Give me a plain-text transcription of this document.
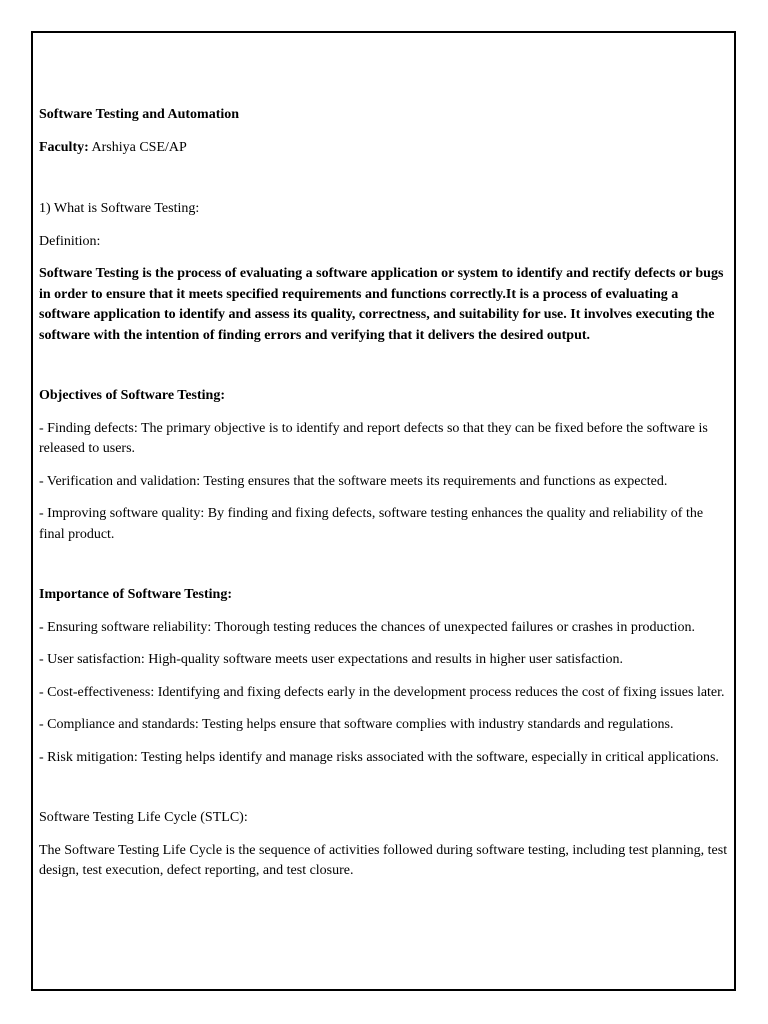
Software Testing and Automation

Faculty: Arshiya CSE/AP

1) What is Software Testing:

Definition:

Software Testing is the process of evaluating a software application or system to identify and rectify defects or bugs in order to ensure that it meets specified requirements and functions correctly.It is a process of evaluating a software application to identify and assess its quality, correctness, and suitability for use. It involves executing the software with the intention of finding errors and verifying that it delivers the desired output.

Objectives of Software Testing:

- Finding defects: The primary objective is to identify and report defects so that they can be fixed before the software is released to users.

- Verification and validation: Testing ensures that the software meets its requirements and functions as expected.

- Improving software quality: By finding and fixing defects, software testing enhances the quality and reliability of the final product.

Importance of Software Testing:

- Ensuring software reliability: Thorough testing reduces the chances of unexpected failures or crashes in production.

- User satisfaction: High-quality software meets user expectations and results in higher user satisfaction.

- Cost-effectiveness: Identifying and fixing defects early in the development process reduces the cost of fixing issues later.

- Compliance and standards: Testing helps ensure that software complies with industry standards and regulations.

- Risk mitigation: Testing helps identify and manage risks associated with the software, especially in critical applications.

Software Testing Life Cycle (STLC):

The Software Testing Life Cycle is the sequence of activities followed during software testing, including test planning, test design, test execution, defect reporting, and test closure.
